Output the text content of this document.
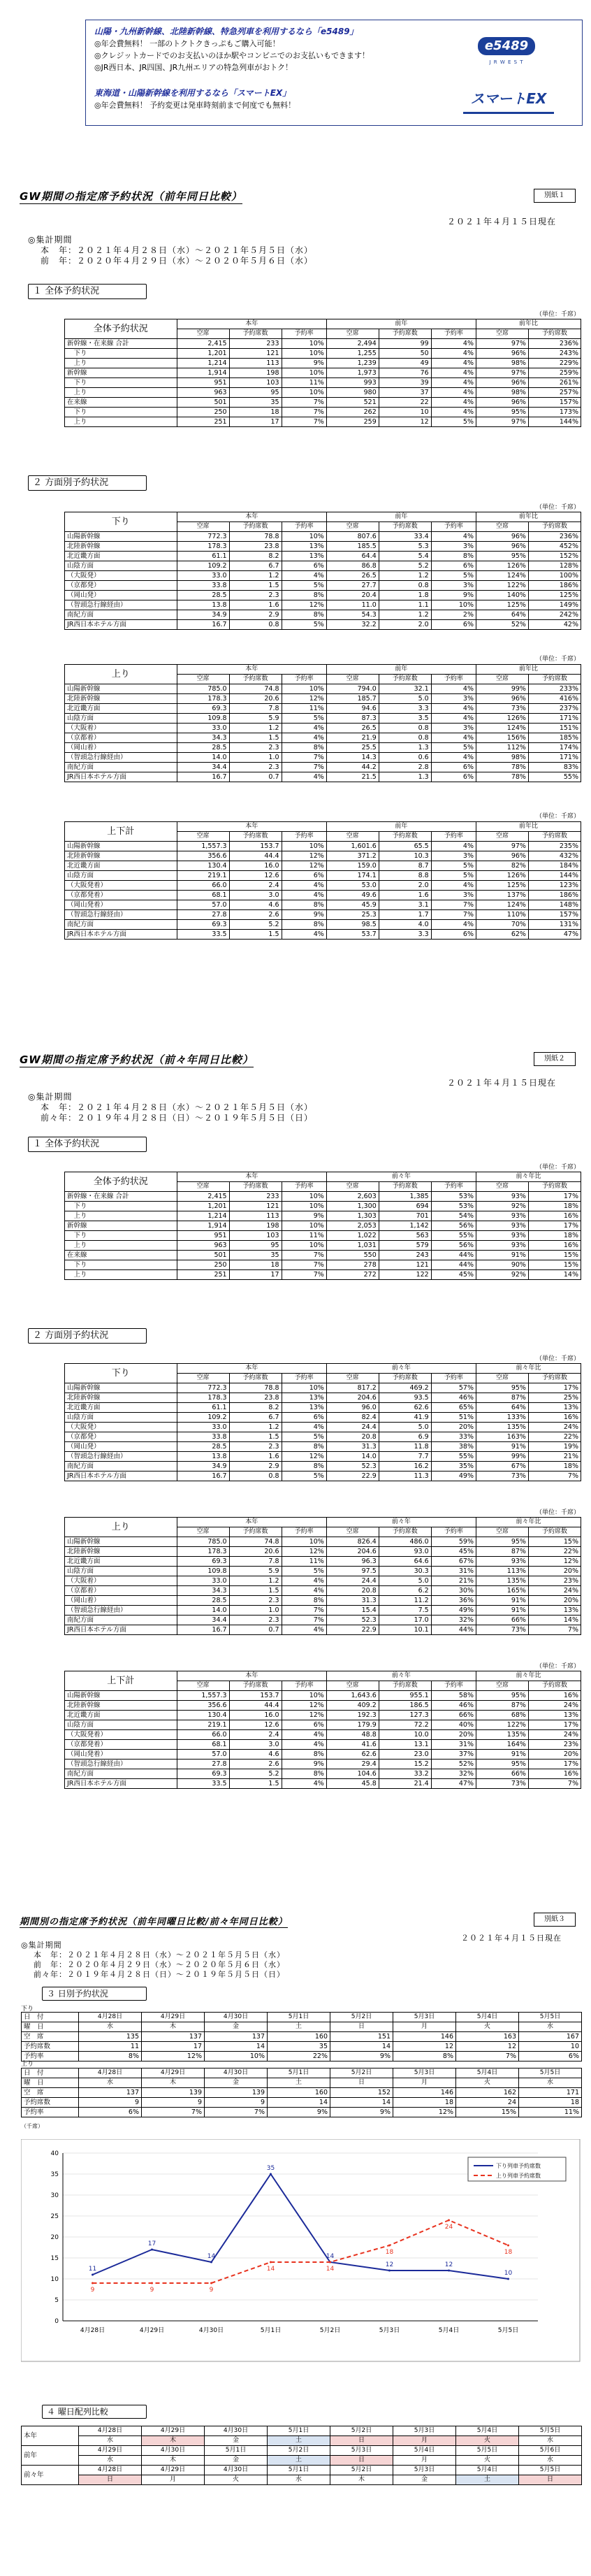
山陽・九州新幹線、北陸新幹線、特急列車を利用するなら「e5489」
◎年会費無料！ 一部のトクトクきっぷもご購入可能！
◎クレジットカードでのお支払いのほか駅やコンビニでのお支払いもできます！
◎JR西日本、JR四国、JR九州エリアの特急列車がおトク！
東海道・山陽新幹線を利用するなら「スマートEX」
◎年会費無料！ 予約変更は発車時刻前まで何度でも無料！
e5489
J R W E S T
スマートEX
GW期間の指定席予約状況（前年同日比較）	別紙１
２０２１年４月１５日現在
◎集計期間
本　年：２０２１年４月２８日（水）～２０２１年５月５日（水）
前　年：２０２０年４月２９日（水）～２０２０年５月６日（水）
１ 全体予約状況
（単位：千席）
全体予約状況	本年			前年			前年比	
	空席	予約席数	予約率	空席	予約席数	予約率	空席	予約席数
新幹線・在来線 合計	2,415	233	10%	2,494	99	4%	97%	236%
　下り	1,201	121	10%	1,255	50	4%	96%	243%
　上り	1,214	113	9%	1,239	49	4%	98%	229%
新幹線	1,914	198	10%	1,973	76	4%	97%	259%
　下り	951	103	11%	993	39	4%	96%	261%
　上り	963	95	10%	980	37	4%	98%	257%
在来線	501	35	7%	521	22	4%	96%	157%
　下り	250	18	7%	262	10	4%	95%	173%
　上り	251	17	7%	259	12	5%	97%	144%
２ 方面別予約状況
（単位：千席）
下り	本年			前年			前年比	
	空席	予約席数	予約率	空席	予約席数	予約率	空席	予約席数
山陽新幹線	772.3	78.8	10%	807.6	33.4	4%	96%	236%
北陸新幹線	178.3	23.8	13%	185.5	5.3	3%	96%	452%
北近畿方面	61.1	8.2	13%	64.4	5.4	8%	95%	152%
山陰方面	109.2	6.7	6%	86.8	5.2	6%	126%	128%
（大阪発）	33.0	1.2	4%	26.5	1.2	5%	124%	100%
（京都発）	33.8	1.5	5%	27.7	0.8	3%	122%	186%
（岡山発）	28.5	2.3	8%	20.4	1.8	9%	140%	125%
（智頭急行線経由）	13.8	1.6	12%	11.0	1.1	10%	125%	149%
南紀方面	34.9	2.9	8%	54.3	1.2	2%	64%	242%
JR西日本ホテル方面	16.7	0.8	5%	32.2	2.0	6%	52%	42%
（単位：千席）
上り	本年			前年			前年比	
	空席	予約席数	予約率	空席	予約席数	予約率	空席	予約席数
山陽新幹線	785.0	74.8	10%	794.0	32.1	4%	99%	233%
北陸新幹線	178.3	20.6	12%	185.7	5.0	3%	96%	416%
北近畿方面	69.3	7.8	11%	94.6	3.3	4%	73%	237%
山陰方面	109.8	5.9	5%	87.3	3.5	4%	126%	171%
（大阪着）	33.0	1.2	4%	26.5	0.8	3%	124%	151%
（京都着）	34.3	1.5	4%	21.9	0.8	4%	156%	185%
（岡山着）	28.5	2.3	8%	25.5	1.3	5%	112%	174%
（智頭急行線経由）	14.0	1.0	7%	14.3	0.6	4%	98%	171%
南紀方面	34.4	2.3	7%	44.2	2.8	6%	78%	83%
JR西日本ホテル方面	16.7	0.7	4%	21.5	1.3	6%	78%	55%
（単位：千席）
上下計	本年			前年			前年比	
	空席	予約席数	予約率	空席	予約席数	予約率	空席	予約席数
山陽新幹線	1,557.3	153.7	10%	1,601.6	65.5	4%	97%	235%
北陸新幹線	356.6	44.4	12%	371.2	10.3	3%	96%	432%
北近畿方面	130.4	16.0	12%	159.0	8.7	5%	82%	184%
山陰方面	219.1	12.6	6%	174.1	8.8	5%	126%	144%
（大阪発着）	66.0	2.4	4%	53.0	2.0	4%	125%	123%
（京都発着）	68.1	3.0	4%	49.6	1.6	3%	137%	186%
（岡山発着）	57.0	4.6	8%	45.9	3.1	7%	124%	148%
（智頭急行線経由）	27.8	2.6	9%	25.3	1.7	7%	110%	157%
南紀方面	69.3	5.2	8%	98.5	4.0	4%	70%	131%
JR西日本ホテル方面	33.5	1.5	4%	53.7	3.3	6%	62%	47%
GW期間の指定席予約状況（前々年同日比較）	別紙２
２０２１年４月１５日現在
◎集計期間
本　年：２０２１年４月２８日（水）～２０２１年５月５日（水）
前々年：２０１９年４月２８日（日）～２０１９年５月５日（日）
１ 全体予約状況
（単位：千席）
全体予約状況	本年			前々年			前々年比	
	空席	予約席数	予約率	空席	予約席数	予約率	空席	予約席数
新幹線・在来線 合計	2,415	233	10%	2,603	1,385	53%	93%	17%
　下り	1,201	121	10%	1,300	694	53%	92%	18%
　上り	1,214	113	9%	1,303	701	54%	93%	16%
新幹線	1,914	198	10%	2,053	1,142	56%	93%	17%
　下り	951	103	11%	1,022	563	55%	93%	18%
　上り	963	95	10%	1,031	579	56%	93%	16%
在来線	501	35	7%	550	243	44%	91%	15%
　下り	250	18	7%	278	121	44%	90%	15%
　上り	251	17	7%	272	122	45%	92%	14%
２ 方面別予約状況
（単位：千席）
下り	本年			前々年			前々年比	
	空席	予約席数	予約率	空席	予約席数	予約率	空席	予約席数
山陽新幹線	772.3	78.8	10%	817.2	469.2	57%	95%	17%
北陸新幹線	178.3	23.8	13%	204.6	93.5	46%	87%	25%
北近畿方面	61.1	8.2	13%	96.0	62.6	65%	64%	13%
山陰方面	109.2	6.7	6%	82.4	41.9	51%	133%	16%
（大阪発）	33.0	1.2	4%	24.4	5.0	20%	135%	24%
（京都発）	33.8	1.5	5%	20.8	6.9	33%	163%	22%
（岡山発）	28.5	2.3	8%	31.3	11.8	38%	91%	19%
（智頭急行線経由）	13.8	1.6	12%	14.0	7.7	55%	99%	21%
南紀方面	34.9	2.9	8%	52.3	16.2	35%	67%	18%
JR西日本ホテル方面	16.7	0.8	5%	22.9	11.3	49%	73%	7%
（単位：千席）
上り	本年			前々年			前々年比	
	空席	予約席数	予約率	空席	予約席数	予約率	空席	予約席数
山陽新幹線	785.0	74.8	10%	826.4	486.0	59%	95%	15%
北陸新幹線	178.3	20.6	12%	204.6	93.0	45%	87%	22%
北近畿方面	69.3	7.8	11%	96.3	64.6	67%	93%	12%
山陰方面	109.8	5.9	5%	97.5	30.3	31%	113%	20%
（大阪着）	33.0	1.2	4%	24.4	5.0	21%	135%	23%
（京都着）	34.3	1.5	4%	20.8	6.2	30%	165%	24%
（岡山着）	28.5	2.3	8%	31.3	11.2	36%	91%	20%
（智頭急行線経由）	14.0	1.0	7%	15.4	7.5	49%	91%	13%
南紀方面	34.4	2.3	7%	52.3	17.0	32%	66%	14%
JR西日本ホテル方面	16.7	0.7	4%	22.9	10.1	44%	73%	7%
（単位：千席）
上下計	本年			前々年			前々年比	
	空席	予約席数	予約率	空席	予約席数	予約率	空席	予約席数
山陽新幹線	1,557.3	153.7	10%	1,643.6	955.1	58%	95%	16%
北陸新幹線	356.6	44.4	12%	409.2	186.5	46%	87%	24%
北近畿方面	130.4	16.0	12%	192.3	127.3	66%	68%	13%
山陰方面	219.1	12.6	6%	179.9	72.2	40%	122%	17%
（大阪発着）	66.0	2.4	4%	48.8	10.0	20%	135%	24%
（京都発着）	68.1	3.0	4%	41.6	13.1	31%	164%	23%
（岡山発着）	57.0	4.6	8%	62.6	23.0	37%	91%	20%
（智頭急行線経由）	27.8	2.6	9%	29.4	15.2	52%	95%	17%
南紀方面	69.3	5.2	8%	104.6	33.2	32%	66%	16%
JR西日本ホテル方面	33.5	1.5	4%	45.8	21.4	47%	73%	7%
期間別の指定席予約状況（前年同曜日比較/前々年同日比較）	別紙３
２０２１年４月１５日現在
◎集計期間
本　年：２０２１年４月２８日（水）～２０２１年５月５日（水）
前　年：２０２０年４月２９日（水）～２０２０年５月６日（水）
前々年：２０１９年４月２８日（日）～２０１９年５月５日（日）
３ 日別予約状況
下り
日　付	4月28日	4月29日	4月30日	5月1日	5月2日	5月3日	5月4日	5月5日
曜　日	水	木	金	土	日	月	火	水
空　席	135	137	137	160	151	146	163	167
予約席数	11	17	14	35	14	12	12	10
予約率	8%	12%	10%	22%	9%	8%	7%	6%
上り
４ 曜日配列比較
本年	4月28日	4月29日	4月30日	5月1日	5月2日	5月3日	5月4日	5月5日
	水	木	金	土	日	月	火	水
前年	4月29日	4月30日	5月1日	5月2日	5月3日	5月4日	5月5日	5月6日
	水	木	金	土	日	月	火	水
前々年	4月28日	4月29日	4月30日	5月1日	5月2日	5月3日	5月4日	5月5日
	日	月	火	水	木	金	土	日
（千席）
0
5
10
15
20
25
30
35
40
4月28日	4月29日	4月30日	5月1日	5月2日	5月3日	5月4日	5月5日
11
17
14
35
14
12	12
10
9	9	9
14	14
18
24
18
下り列車予約席数
上り列車予約席数
日　付	4月28日	4月29日	4月30日	5月1日	5月2日	5月3日	5月4日	5月5日
曜　日	水	木	金	土	日	月	火	水
空　席	137	139	139	160	152	146	162	171
予約席数	9	9	9	14	14	18	24	18
予約率	6%	7%	7%	9%	9%	12%	15%	11%
